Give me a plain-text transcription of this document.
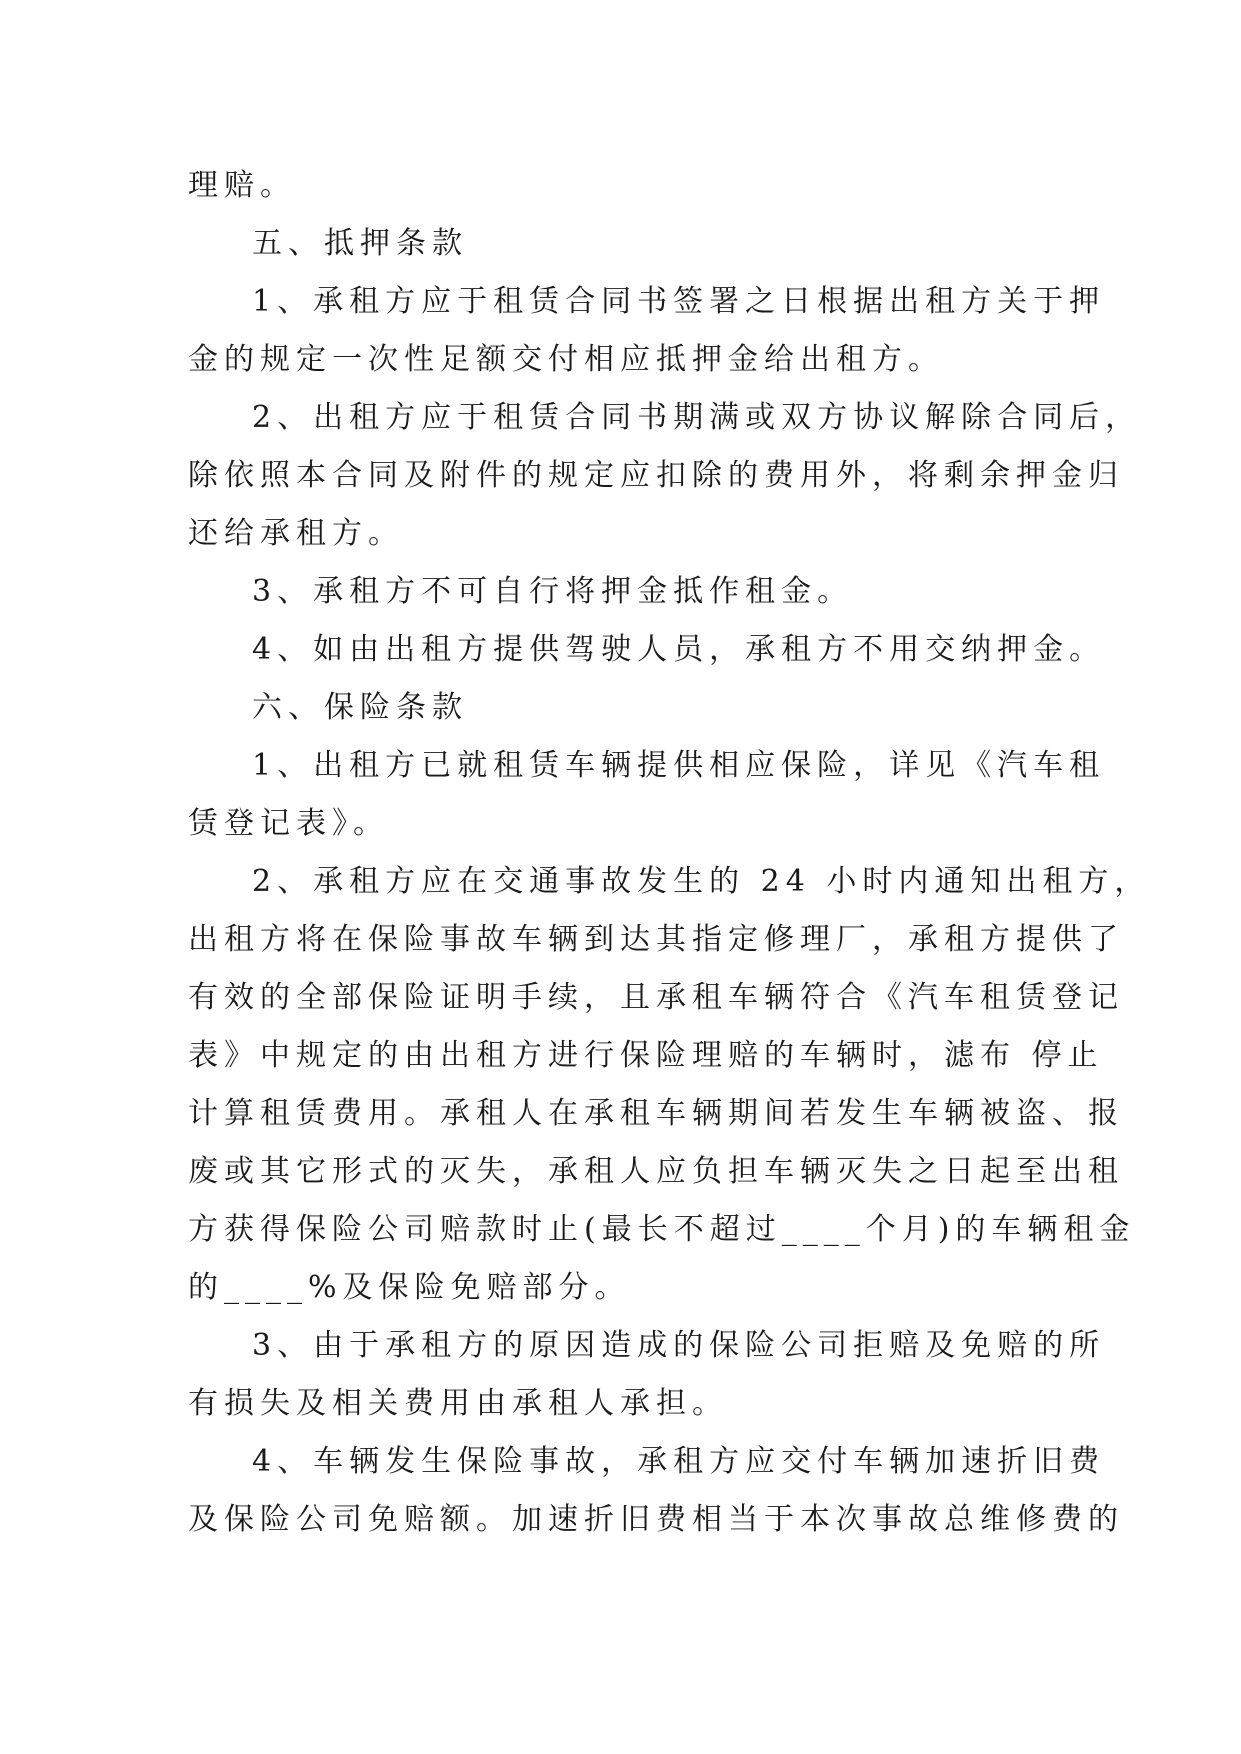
理赔。
五、抵押条款
1、承租方应于租赁合同书签署之日根据出租方关于押
金的规定一次性足额交付相应抵押金给出租方。
2、出租方应于租赁合同书期满或双方协议解除合同后，
除依照本合同及附件的规定应扣除的费用外，将剩余押金归
还给承租方。
3、承租方不可自行将押金抵作租金。
4、如由出租方提供驾驶人员，承租方不用交纳押金。
六、保险条款
1、出租方已就租赁车辆提供相应保险，详见《汽车租
赁登记表》。
2、承租方应在交通事故发生的 24 小时内通知出租方，
出租方将在保险事故车辆到达其指定修理厂，承租方提供了
有效的全部保险证明手续，且承租车辆符合《汽车租赁登记
表》中规定的由出租方进行保险理赔的车辆时，滤布 停止
计算租赁费用。承租人在承租车辆期间若发生车辆被盗、报
废或其它形式的灭失，承租人应负担车辆灭失之日起至出租
方获得保险公司赔款时止(最长不超过____个月)的车辆租金
的____%及保险免赔部分。
3、由于承租方的原因造成的保险公司拒赔及免赔的所
有损失及相关费用由承租人承担。
4、车辆发生保险事故，承租方应交付车辆加速折旧费
及保险公司免赔额。加速折旧费相当于本次事故总维修费的
